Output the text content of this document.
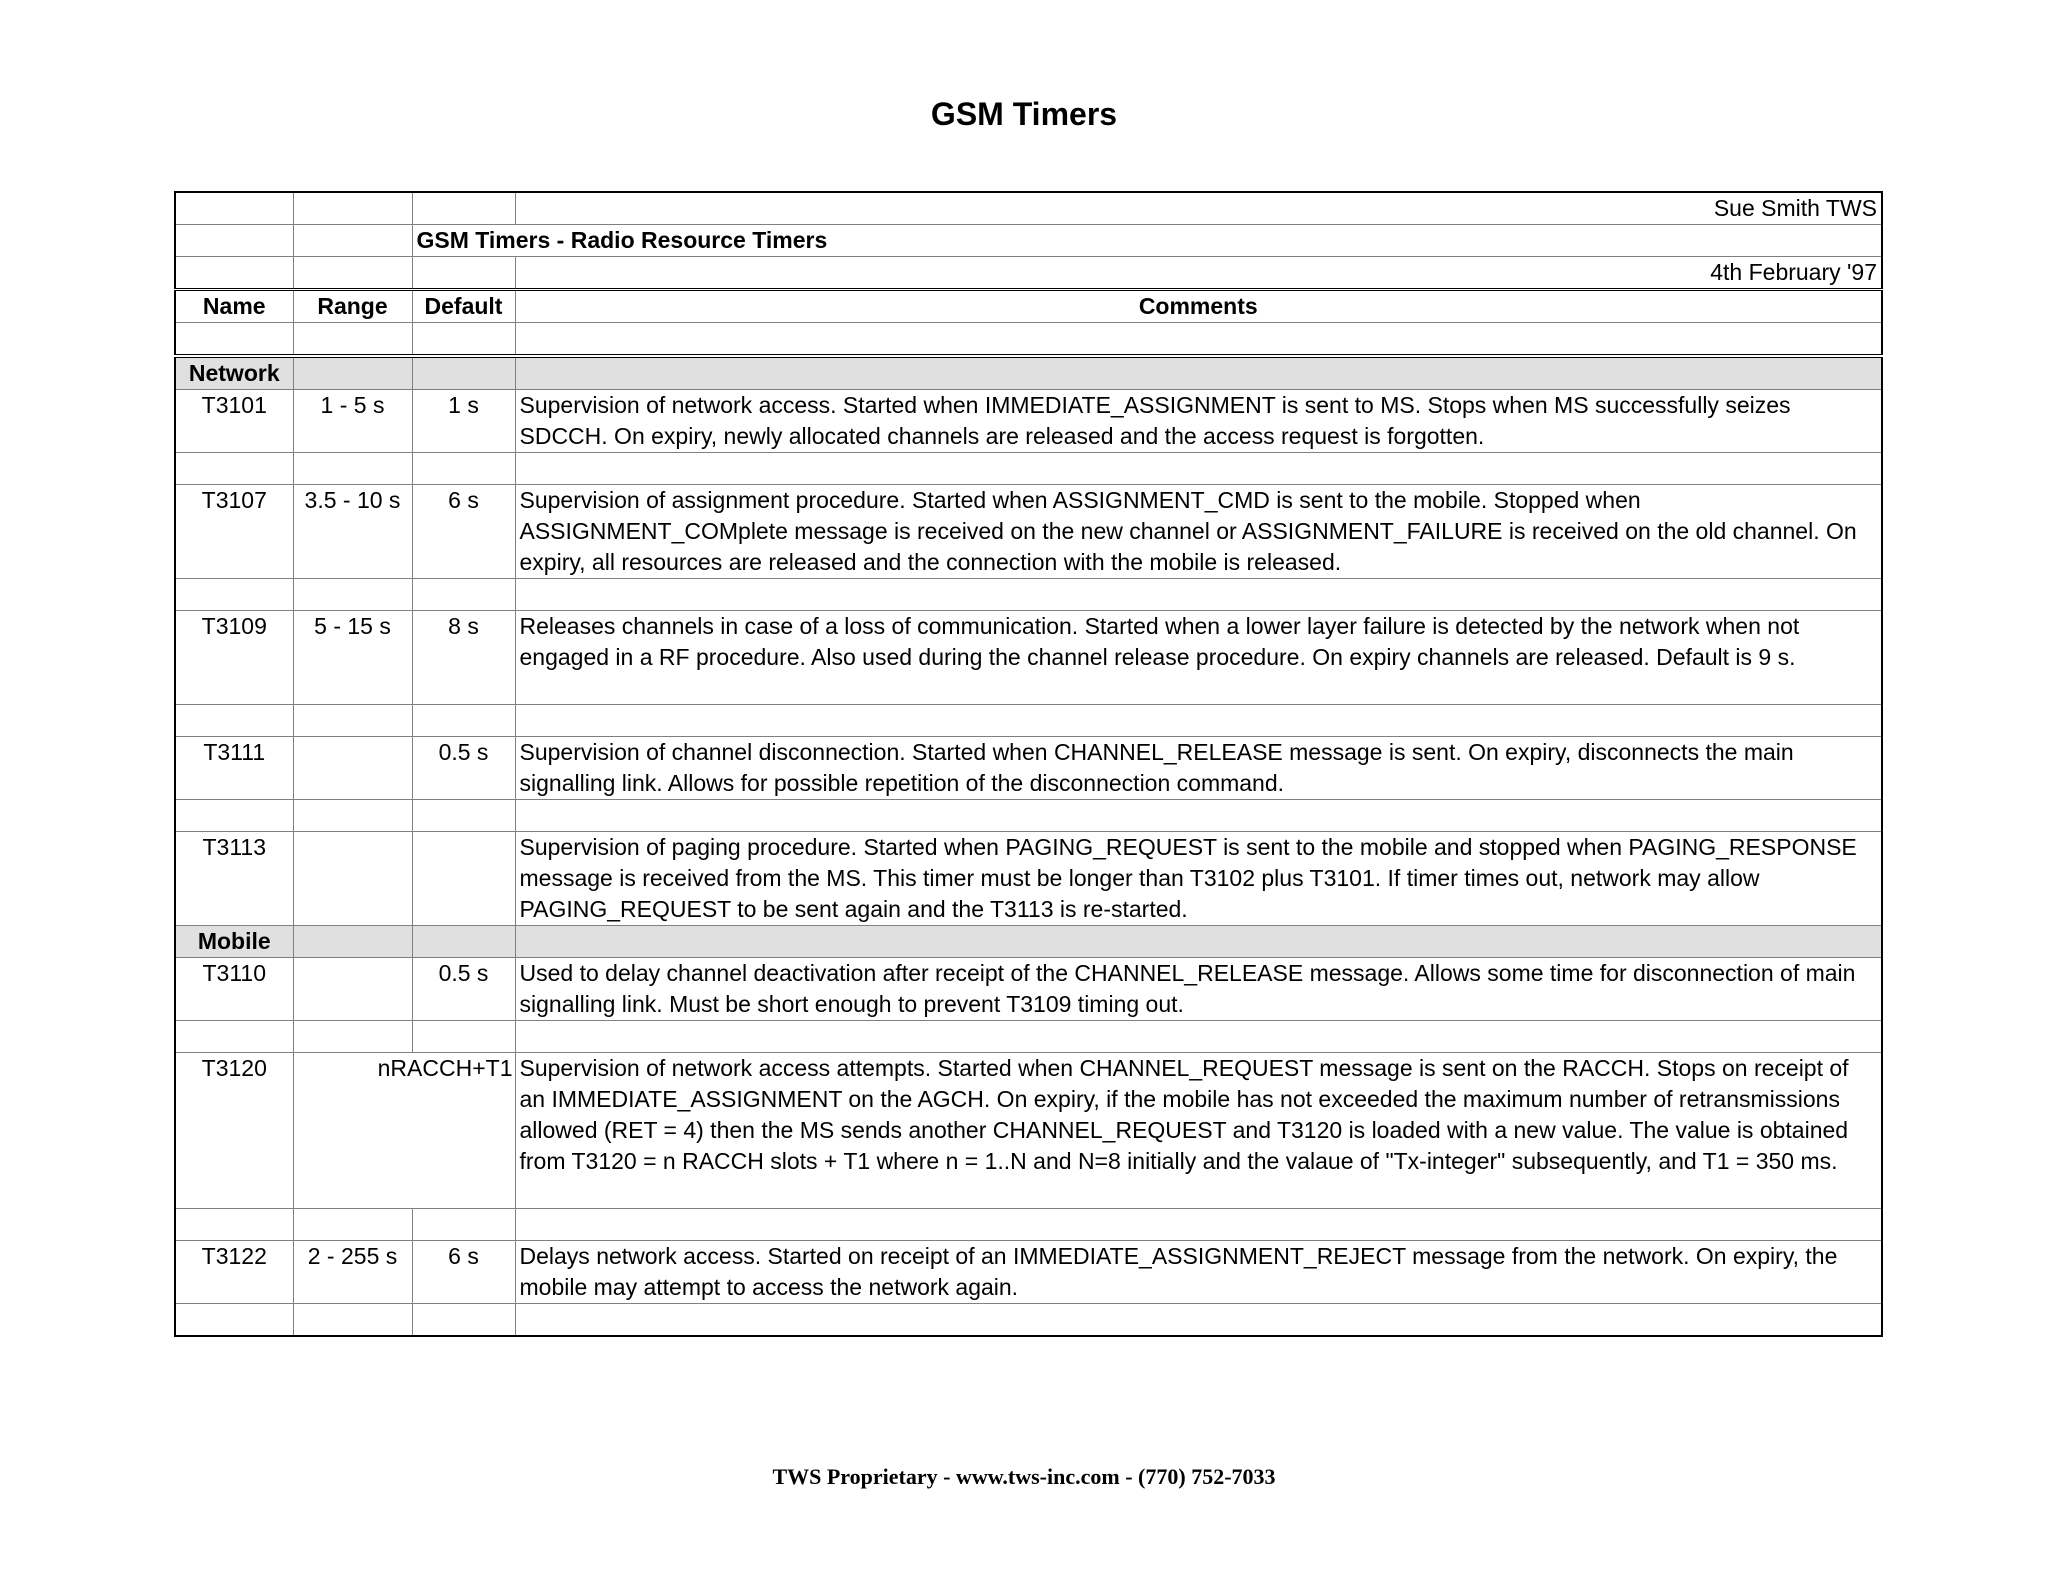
GSM Timers
			Sue Smith TWS
		GSM Timers - Radio Resource Timers	
			4th February '97
Name	Range	Default	Comments

Network			
T3101	1 - 5 s	1 s	Supervision of network access. Started when IMMEDIATE_ASSIGNMENT is sent to MS. Stops when MS successfully seizes SDCCH. On expiry, newly allocated channels are released and the access request is forgotten.

T3107	3.5 - 10 s	6 s	Supervision of assignment procedure. Started when ASSIGNMENT_CMD is sent to the mobile. Stopped when ASSIGNMENT_COMplete message is received on the new channel or ASSIGNMENT_FAILURE is received on the old channel. On expiry, all resources are released and the connection with the mobile is released.

T3109	5 - 15 s	8 s	Releases channels in case of a loss of communication. Started when a lower layer failure is detected by the network when not engaged in a RF procedure. Also used during the channel release procedure. On expiry channels are released. Default is 9 s.

T3111		0.5 s	Supervision of channel disconnection. Started when CHANNEL_RELEASE message is sent. On expiry, disconnects the main signalling link. Allows for possible repetition of the disconnection command.

T3113			Supervision of paging procedure. Started when PAGING_REQUEST is sent to the mobile and stopped when PAGING_RESPONSE message is received from the MS. This timer must be longer than T3102 plus T3101. If timer times out, network may allow PAGING_REQUEST to be sent again and the T3113 is re-started.
Mobile			
T3110		0.5 s	Used to delay channel deactivation after receipt of the CHANNEL_RELEASE message. Allows some time for disconnection of main signalling link. Must be short enough to prevent T3109 timing out.

T3120	nRACCH+T1		Supervision of network access attempts. Started when CHANNEL_REQUEST message is sent on the RACCH. Stops on receipt of an IMMEDIATE_ASSIGNMENT on the AGCH. On expiry, if the mobile has not exceeded the maximum number of retransmissions allowed (RET = 4) then the MS sends another CHANNEL_REQUEST and T3120 is loaded with a new value. The value is obtained from T3120 = n RACCH slots + T1 where n = 1..N and N=8 initially and the valaue of "Tx-integer" subsequently, and T1 = 350 ms.

T3122	2 - 255 s	6 s	Delays network access. Started on receipt of an IMMEDIATE_ASSIGNMENT_REJECT message from the network. On expiry, the mobile may attempt to access the network again.

TWS Proprietary - www.tws-inc.com - (770) 752-7033
